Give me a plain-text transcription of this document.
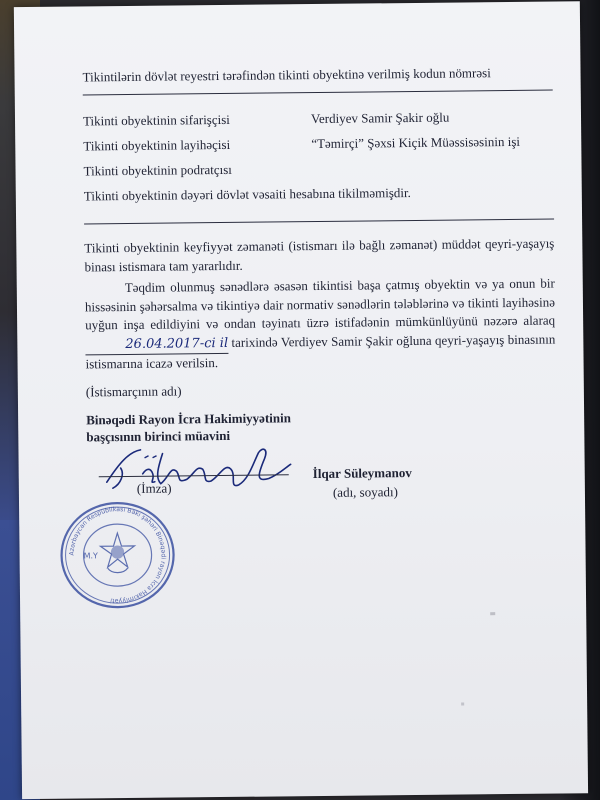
Tikintilərin dövlət reyestri tərəfindən tikinti obyektinə verilmiş kodun nömrəsi
Tikinti obyektinin sifarişçisi	Verdiyev Samir Şakir oğlu
Tikinti obyektinin layihəçisi	“Təmirçi” Şəxsi Kiçik Müəssisəsinin işi
Tikinti obyektinin podratçısı
Tikinti obyektinin dəyəri dövlət vəsaiti hesabına tikilməmişdir.
Tikinti obyektinin keyfiyyət zəmanəti (istismarı ilə bağlı zəmanət) müddət qeyri-yaşayış binası istismara tam yararlıdır.
Təqdim olunmuş sənədlərə əsasən tikintisi başa çatmış obyektin və ya onun bir hissəsinin şəhərsalma və tikintiyə dair normativ sənədlərin tələblərinə və tikinti layihəsinə uyğun inşa edildiyini və ondan təyinatı üzrə istifadənin mümkünlüyünü nəzərə alaraq 26.04.2017-ci il tarixində Verdiyev Samir Şakir oğluna qeyri-yaşayış binasının istismarına icazə verilsin.
(İstismarçının adı)
Binəqədi Rayon İcra Hakimiyyətinin
başçısının birinci müavini
(İmza)
İlqar Süleymanov
(adı, soyadı)
Azərbaycan Respublikası Bakı şəhəri Binəqədi rayon İcra Hakimiyyəti
M.Y
